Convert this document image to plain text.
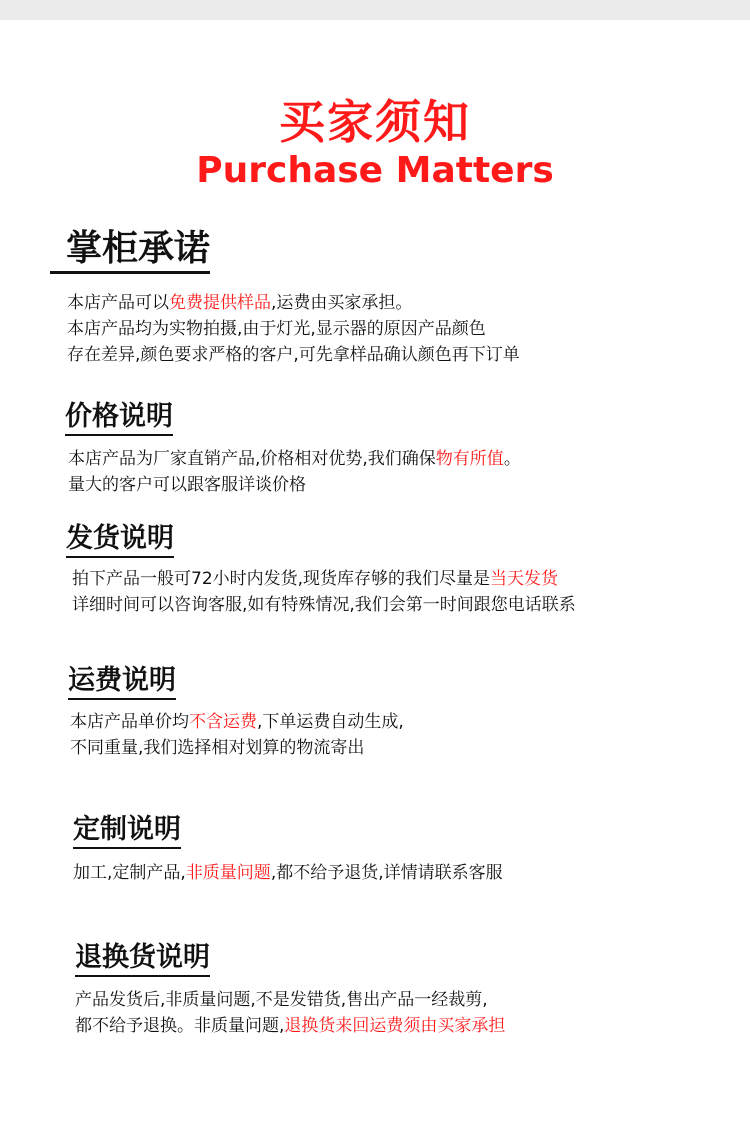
买家须知
Purchase Matters
掌柜承诺
本店产品可以免费提供样品,运费由买家承担。
本店产品均为实物拍摄,由于灯光,显示器的原因产品颜色
存在差异,颜色要求严格的客户,可先拿样品确认颜色再下订单
价格说明
本店产品为厂家直销产品,价格相对优势,我们确保物有所值。
量大的客户可以跟客服详谈价格
发货说明
拍下产品一般可72小时内发货,现货库存够的我们尽量是当天发货
详细时间可以咨询客服,如有特殊情况,我们会第一时间跟您电话联系
运费说明
本店产品单价均不含运费,下单运费自动生成,
不同重量,我们选择相对划算的物流寄出
定制说明
加工,定制产品,非质量问题,都不给予退货,详情请联系客服
退换货说明
产品发货后,非质量问题,不是发错货,售出产品一经裁剪,
都不给予退换。非质量问题,退换货来回运费须由买家承担
